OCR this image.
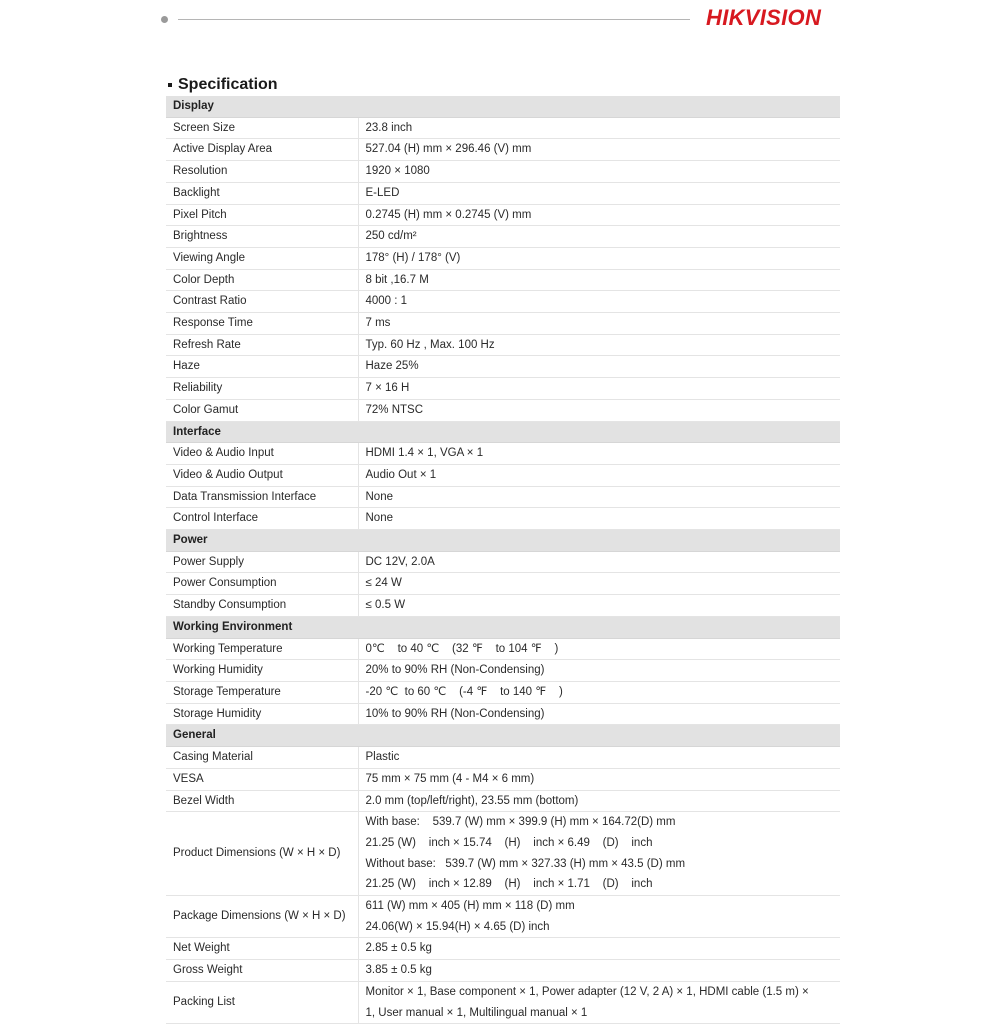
HIKVISION
Specification
Display	
Screen Size	23.8 inch
Active Display Area	527.04 (H) mm × 296.46 (V) mm
Resolution	1920 × 1080
Backlight	E-LED
Pixel Pitch	0.2745 (H) mm × 0.2745 (V) mm
Brightness	250 cd/m²
Viewing Angle	178° (H) / 178° (V)
Color Depth	8 bit ,16.7 M
Contrast Ratio	4000 : 1
Response Time	7 ms
Refresh Rate	Typ. 60 Hz , Max. 100 Hz
Haze	Haze 25%
Reliability	7 × 16 H
Color Gamut	72% NTSC
Interface	
Video & Audio Input	HDMI 1.4 × 1, VGA × 1
Video & Audio Output	Audio Out × 1
Data Transmission Interface	None
Control Interface	None
Power	
Power Supply	DC 12V, 2.0A
Power Consumption	≤ 24 W
Standby Consumption	≤ 0.5 W
Working Environment	
Working Temperature	0℃    to 40 ℃    (32 ℉    to 104 ℉    )
Working Humidity	20% to 90% RH (Non-Condensing)
Storage Temperature	-20 ℃  to 60 ℃    (-4 ℉    to 140 ℉    )
Storage Humidity	10% to 90% RH (Non-Condensing)
General	
Casing Material	Plastic
VESA	75 mm × 75 mm (4 - M4 × 6 mm)
Bezel Width	2.0 mm (top/left/right), 23.55 mm (bottom)
Product Dimensions (W × H × D)	With base:    539.7 (W) mm × 399.9 (H) mm × 164.72(D) mm
21.25 (W)    inch × 15.74    (H)    inch × 6.49    (D)    inch
Without base:   539.7 (W) mm × 327.33 (H) mm × 43.5 (D) mm
21.25 (W)    inch × 12.89    (H)    inch × 1.71    (D)    inch

Package Dimensions (W × H × D)	611 (W) mm × 405 (H) mm × 118 (D) mm
24.06(W) × 15.94(H) × 4.65 (D) inch

Net Weight	2.85 ± 0.5 kg
Gross Weight	3.85 ± 0.5 kg
Packing List	Monitor × 1, Base component × 1, Power adapter (12 V, 2 A) × 1, HDMI cable (1.5 m) ×
1, User manual × 1, Multilingual manual × 1
